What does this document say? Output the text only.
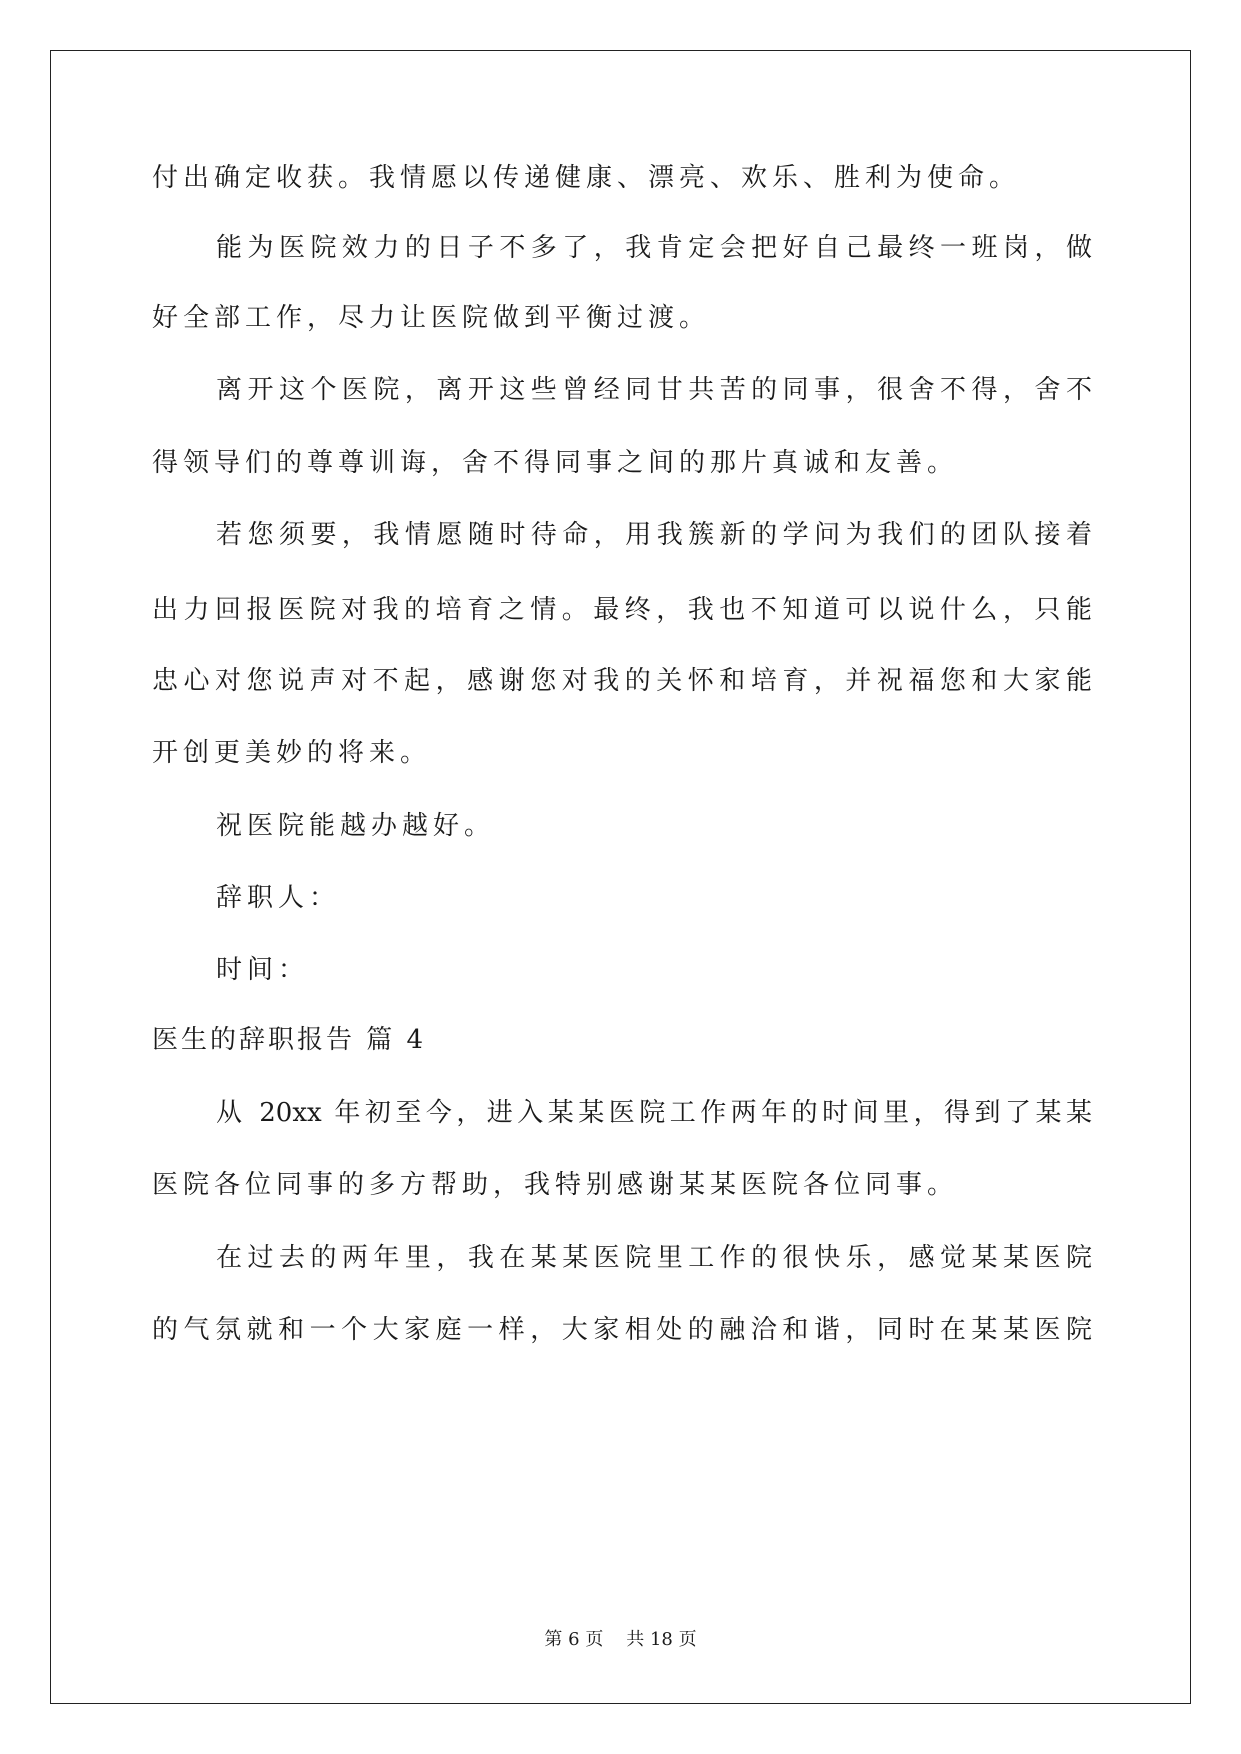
付出确定收获。我情愿以传递健康、漂亮、欢乐、胜利为使命。
能为医院效力的日子不多了，我肯定会把好自己最终一班岗，做
好全部工作，尽力让医院做到平衡过渡。
离开这个医院，离开这些曾经同甘共苦的同事，很舍不得，舍不
得领导们的尊尊训诲，舍不得同事之间的那片真诚和友善。
若您须要，我情愿随时待命，用我簇新的学问为我们的团队接着
出力回报医院对我的培育之情。最终，我也不知道可以说什么，只能
忠心对您说声对不起，感谢您对我的关怀和培育，并祝福您和大家能
开创更美妙的将来。
祝医院能越办越好。
辞职人：
时间：
医生的辞职报告 篇 4
从 20xx 年初至今，进入某某医院工作两年的时间里，得到了某某
医院各位同事的多方帮助，我特别感谢某某医院各位同事。
在过去的两年里，我在某某医院里工作的很快乐，感觉某某医院
的气氛就和一个大家庭一样，大家相处的融洽和谐，同时在某某医院
第 6 页 共 18 页
